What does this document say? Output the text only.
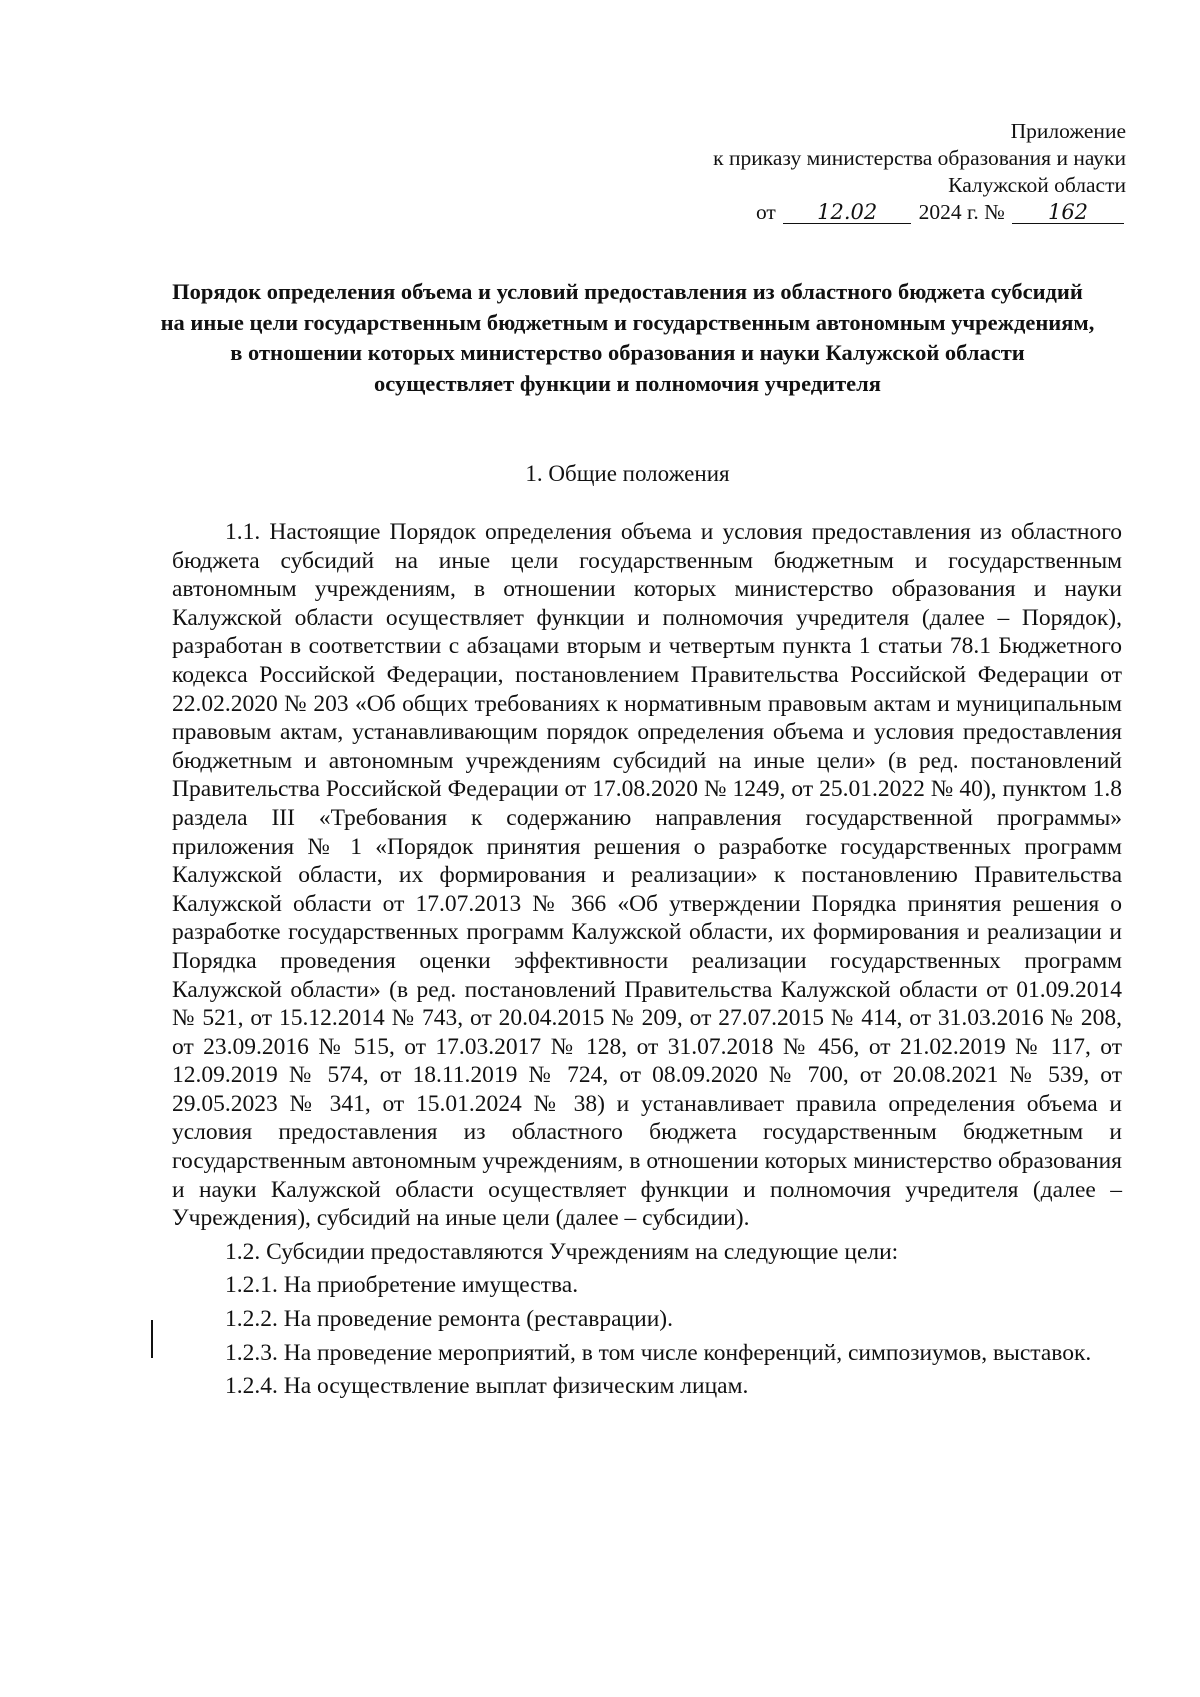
Приложение
к приказу министерства образования и науки
Калужской области
от 12.02 2024 г. № 162
Порядок определения объема и условий предоставления из областного бюджета субсидий на иные цели государственным бюджетным и государственным автономным учреждениям, в отношении которых министерство образования и науки Калужской области осуществляет функции и полномочия учредителя
1. Общие положения

1.1. Настоящие Порядок определения объема и условия предоставления из областного бюджета субсидий на иные цели государственным бюджетным и государственным автономным учреждениям, в отношении которых министерство образования и науки Калужской области осуществляет функции и полномочия учредителя (далее – Порядок), разработан в соответствии с абзацами вторым и четвертым пункта 1 статьи 78.1 Бюджетного кодекса Российской Федерации, постановлением Правительства Российской Федерации от 22.02.2020 № 203 «Об общих требованиях к нормативным правовым актам и муниципальным правовым актам, устанавливающим порядок определения объема и условия предоставления бюджетным и автономным учреждениям субсидий на иные цели» (в ред. постановлений Правительства Российской Федерации от 17.08.2020 № 1249, от 25.01.2022 № 40), пунктом 1.8 раздела III «Требования к содержанию направления государственной программы» приложения № 1 «Порядок принятия решения о разработке государственных программ Калужской области, их формирования и реализации» к постановлению Правительства Калужской области от 17.07.2013 № 366 «Об утверждении Порядка принятия решения о разработке государственных программ Калужской области, их формирования и реализации и Порядка проведения оценки эффективности реализации государственных программ Калужской области» (в ред. постановлений Правительства Калужской области от 01.09.2014 № 521, от 15.12.2014 № 743, от 20.04.2015 № 209, от 27.07.2015 № 414, от 31.03.2016 № 208, от 23.09.2016 № 515, от 17.03.2017 № 128, от 31.07.2018 № 456, от 21.02.2019 № 117, от 12.09.2019 № 574, от 18.11.2019 № 724, от 08.09.2020 № 700, от 20.08.2021 № 539, от 29.05.2023 № 341, от 15.01.2024 № 38) и устанавливает правила определения объема и условия предоставления из областного бюджета государственным бюджетным и государственным автономным учреждениям, в отношении которых министерство образования и науки Калужской области осуществляет функции и полномочия учредителя (далее – Учреждения), субсидий на иные цели (далее – субсидии).

1.2. Субсидии предоставляются Учреждениям на следующие цели:

1.2.1. На приобретение имущества.

1.2.2. На проведение ремонта (реставрации).

1.2.3. На проведение мероприятий, в том числе конференций, симпозиумов, выставок.

1.2.4. На осуществление выплат физическим лицам.
